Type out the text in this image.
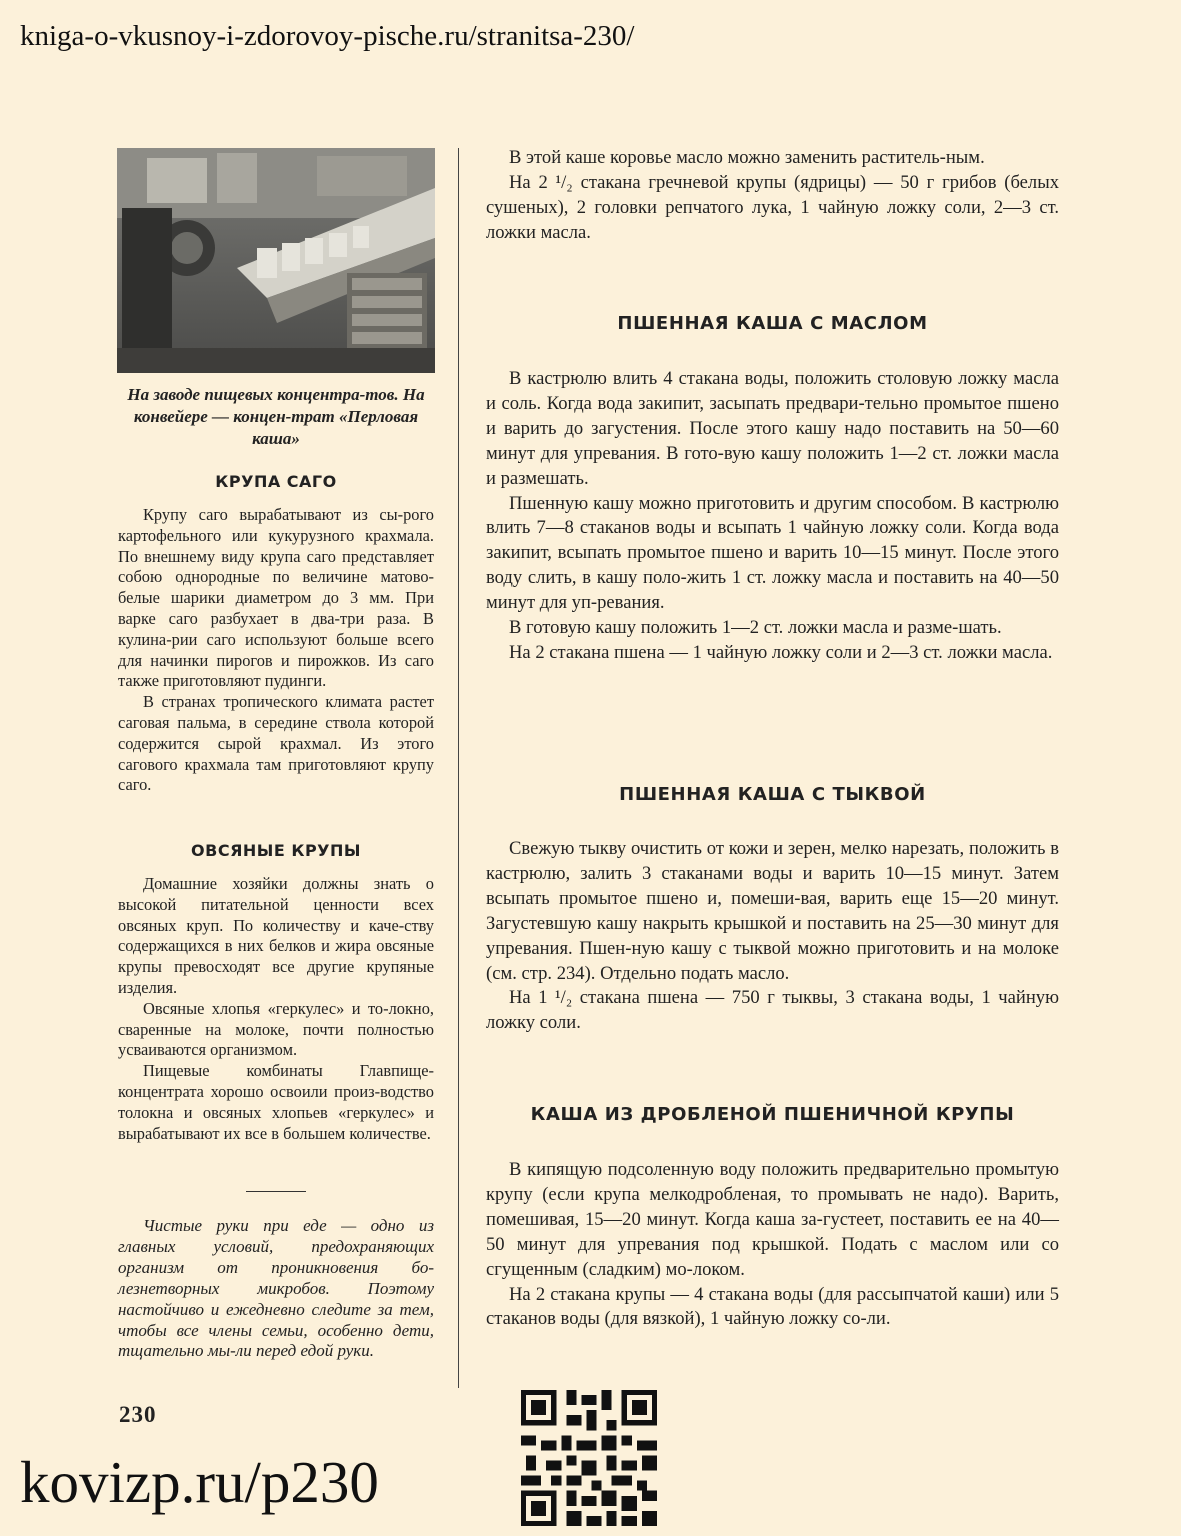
kniga-o-vkusnoy-i-zdorovoy-pische.ru/stranitsa-230/
На заводе пищевых концентра-тов. На конвейере — концен-трат «Перловая каша»
КРУПА САГО

Крупу саго вырабатывают из сы-рого картофельного или кукурузного крахмала. По внешнему виду крупа саго представляет собою однородные по величине матово-белые шарики диаметром до 3 мм. При варке саго разбухает в два-три раза. В кулина-рии саго используют больше всего для начинки пирогов и пирожков. Из саго также приготовляют пудинги.

В странах тропического климата растет саговая пальма, в середине ствола которой содержится сырой крахмал. Из этого сагового крахмала там приготовляют крупу саго.

ОВСЯНЫЕ КРУПЫ

Домашние хозяйки должны знать о высокой питательной ценности всех овсяных круп. По количеству и каче-ству содержащихся в них белков и жира овсяные крупы превосходят все другие крупяные изделия.

Овсяные хлопья «геркулес» и то-локно, сваренные на молоке, почти полностью усваиваются организмом.

Пищевые комбинаты Главпище-концентрата хорошо освоили произ-водство толокна и овсяных хлопьев «геркулес» и вырабатывают их все в большем количестве.

Чистые руки при еде — одно из главных условий, предохраняющих организм от проникновения бо-лезнетворных микробов. Поэтому настойчиво и ежедневно следите за тем, чтобы все члены семьи, особенно дети, тщательно мы-ли перед едой руки.

В этой каше коровье масло можно заменить раститель-ным.

На 2 ¹/₂ стакана гречневой крупы (ядрицы) — 50 г грибов (белых сушеных), 2 головки репчатого лука, 1 чайную ложку соли, 2—3 ст. ложки масла.

ПШЕННАЯ КАША С МАСЛОМ

В кастрюлю влить 4 стакана воды, положить столовую ложку масла и соль. Когда вода закипит, засыпать предвари-тельно промытое пшено и варить до загустения. После этого кашу надо поставить на 50—60 минут для упревания. В гото-вую кашу положить 1—2 ст. ложки масла и размешать.

Пшенную кашу можно приготовить и другим способом. В кастрюлю влить 7—8 стаканов воды и всыпать 1 чайную ложку соли. Когда вода закипит, всыпать промытое пшено и варить 10—15 минут. После этого воду слить, в кашу поло-жить 1 ст. ложку масла и поставить на 40—50 минут для уп-ревания.

В готовую кашу положить 1—2 ст. ложки масла и разме-шать.

На 2 стакана пшена — 1 чайную ложку соли и 2—3 ст. ложки масла.

ПШЕННАЯ КАША С ТЫКВОЙ

Свежую тыкву очистить от кожи и зерен, мелко нарезать, положить в кастрюлю, залить 3 стаканами воды и варить 10—15 минут. Затем всыпать промытое пшено и, помеши-вая, варить еще 15—20 минут. Загустевшую кашу накрыть крышкой и поставить на 25—30 минут для упревания. Пшен-ную кашу с тыквой можно приготовить и на молоке (см. стр. 234). Отдельно подать масло.

На 1 ¹/₂ стакана пшена — 750 г тыквы, 3 стакана воды, 1 чайную ложку соли.

КАША ИЗ ДРОБЛЕНОЙ ПШЕНИЧНОЙ КРУПЫ

В кипящую подсоленную воду положить предварительно промытую крупу (если крупа мелкодробленая, то промывать не надо). Варить, помешивая, 15—20 минут. Когда каша за-густеет, поставить ее на 40—50 минут для упревания под крышкой. Подать с маслом или со сгущенным (сладким) мо-локом.

На 2 стакана крупы — 4 стакана воды (для рассыпчатой каши) или 5 стаканов воды (для вязкой), 1 чайную ложку со-ли.

230
kovizp.ru/p230
